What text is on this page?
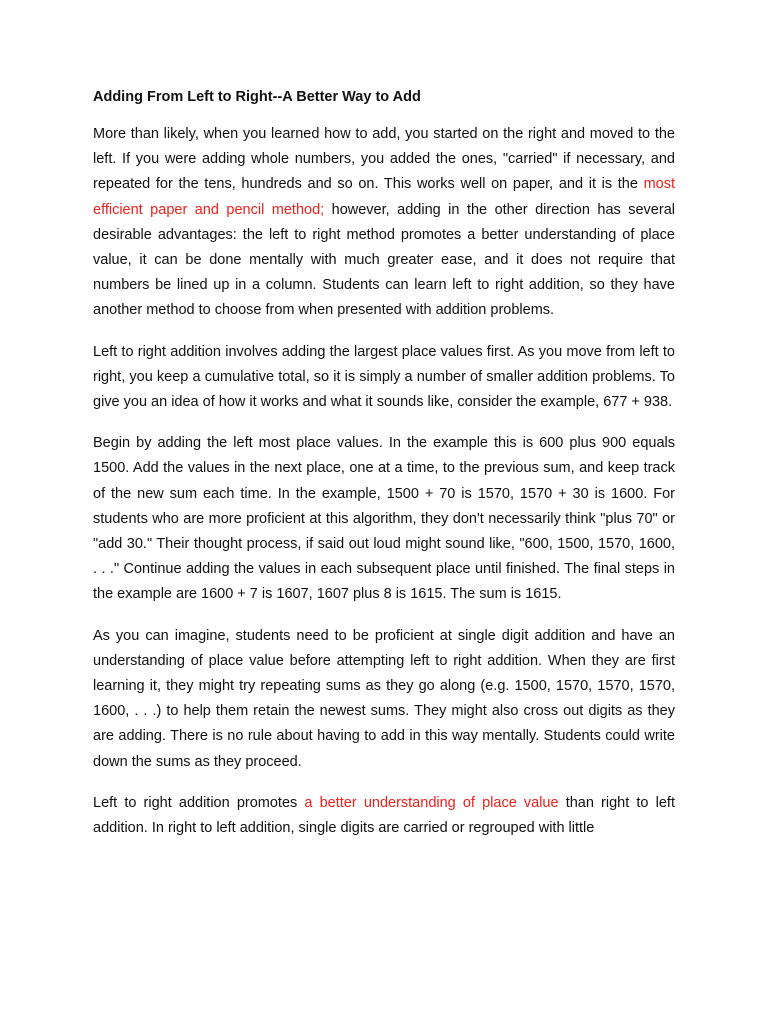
Adding From Left to Right--A Better Way to Add

More than likely, when you learned how to add, you started on the right and moved to the left. If you were adding whole numbers, you added the ones, "carried" if necessary, and repeated for the tens, hundreds and so on. This works well on paper, and it is the most efficient paper and pencil method; however, adding in the other direction has several desirable advantages: the left to right method promotes a better understanding of place value, it can be done mentally with much greater ease, and it does not require that numbers be lined up in a column. Students can learn left to right addition, so they have another method to choose from when presented with addition problems.

Left to right addition involves adding the largest place values first. As you move from left to right, you keep a cumulative total, so it is simply a number of smaller addition problems. To give you an idea of how it works and what it sounds like, consider the example, 677 + 938.

Begin by adding the left most place values. In the example this is 600 plus 900 equals 1500. Add the values in the next place, one at a time, to the previous sum, and keep track of the new sum each time. In the example, 1500 + 70 is 1570, 1570 + 30 is 1600. For students who are more proficient at this algorithm, they don't necessarily think "plus 70" or "add 30." Their thought process, if said out loud might sound like, "600, 1500, 1570, 1600, . . ." Continue adding the values in each subsequent place until finished. The final steps in the example are 1600 + 7 is 1607, 1607 plus 8 is 1615. The sum is 1615.

As you can imagine, students need to be proficient at single digit addition and have an understanding of place value before attempting left to right addition. When they are first learning it, they might try repeating sums as they go along (e.g. 1500, 1570, 1570, 1570, 1600, . . .) to help them retain the newest sums. They might also cross out digits as they are adding. There is no rule about having to add in this way mentally. Students could write down the sums as they proceed.

Left to right addition promotes a better understanding of place value than right to left addition. In right to left addition, single digits are carried or regrouped with little
